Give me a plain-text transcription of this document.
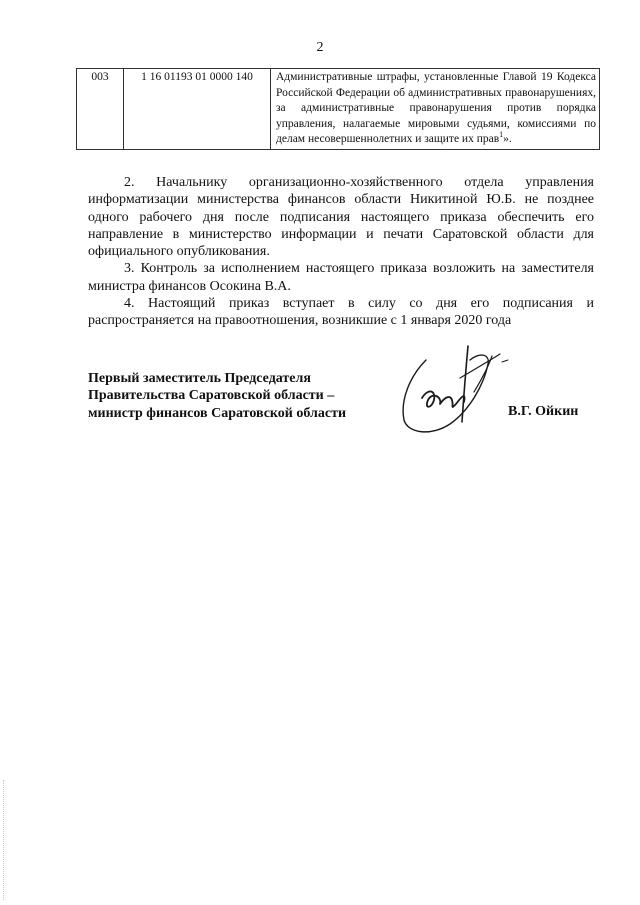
2
003	1 16 01193 01 0000 140	Административные штрафы, установленные Главой 19 Кодекса Российской Федерации об административных правонарушениях, за административные правонарушения против порядка управления, налагаемые мировыми судьями, комиссиями по делам несовершеннолетних и защите их прав$^1$».

2. Начальнику организационно-хозяйственного отдела управления информатизации министерства финансов области Никитиной Ю.Б. не позднее одного рабочего дня после подписания настоящего приказа обеспечить его направление в министерство информации и печати Саратовской области для официального опубликования.

3. Контроль за исполнением настоящего приказа возложить на заместителя министра финансов Осокина В.А.

4. Настоящий приказ вступает в силу со дня его подписания и распространяется на правоотношения, возникшие с 1 января 2020 года

Первый заместитель Председателя
Правительства Саратовской области –
министр финансов Саратовской области	В.Г. Ойкин
